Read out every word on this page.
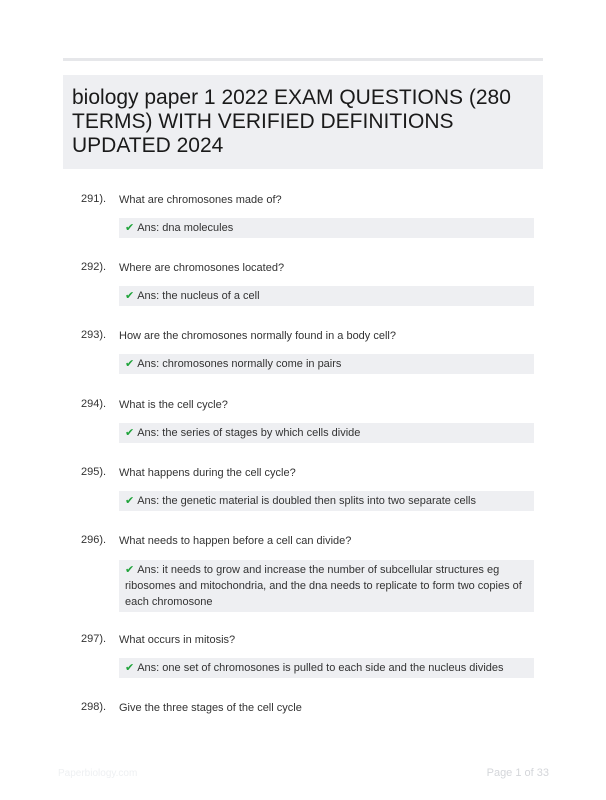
biology paper 1 2022 EXAM QUESTIONS (280 TERMS) WITH VERIFIED DEFINITIONS UPDATED 2024
291). What are chromosones made of?
✔ Ans: dna molecules
292). Where are chromosones located?
✔ Ans: the nucleus of a cell
293). How are the chromosones normally found in a body cell?
✔ Ans: chromosones normally come in pairs
294). What is the cell cycle?
✔ Ans: the series of stages by which cells divide
295). What happens during the cell cycle?
✔ Ans: the genetic material is doubled then splits into two separate cells
296). What needs to happen before a cell can divide?
✔ Ans: it needs to grow and increase the number of subcellular structures eg ribosomes and mitochondria, and the dna needs to replicate to form two copies of each chromosone
297). What occurs in mitosis?
✔ Ans: one set of chromosones is pulled to each side and the nucleus divides
298). Give the three stages of the cell cycle
Paperbiology.com	Page 1 of 33
